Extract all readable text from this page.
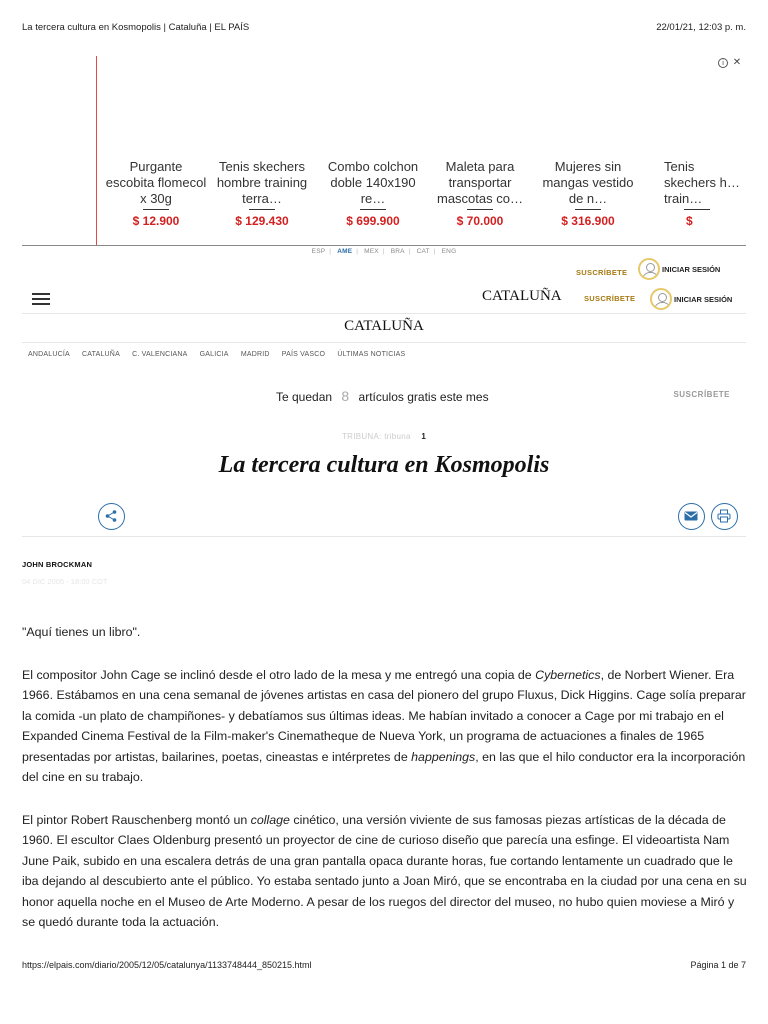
La tercera cultura en Kosmopolis | Cataluña | EL PAÍS	22/01/21, 12:03 p. m.
i ✕
Purgante escobita flomecol x 30g
$ 12.900
Tenis skechers hombre training terra…
$ 129.430
Combo colchon doble 140x190 re…
$ 699.900
Maleta para transportar mascotas co…
$ 70.000
Mujeres sin mangas vestido de n…
$ 316.900
Tenis skechers h… train…
$
ESP | AME | MEX | BRA | CAT | ENG
SUSCRÍBETE	INICIAR SESIÓN
CATALUÑA	SUSCRÍBETE	INICIAR SESIÓN
CATALUÑA
ANDALUCÍA CATALUÑA C. VALENCIANA GALICIA MADRID PAÍS VASCO ÚLTIMAS NOTICIAS
Te quedan 8 artículos gratis este mes	SUSCRÍBETE
TRIBUNA: tribuna 1
La tercera cultura en Kosmopolis
JOHN BROCKMAN
04 DIC 2005 - 18:00 COT

"Aquí tienes un libro".

El compositor John Cage se inclinó desde el otro lado de la mesa y me entregó una copia de Cybernetics, de Norbert Wiener. Era 1966. Estábamos en una cena semanal de jóvenes artistas en casa del pionero del grupo Fluxus, Dick Higgins. Cage solía preparar la comida -un plato de champiñones- y debatíamos sus últimas ideas. Me habían invitado a conocer a Cage por mi trabajo en el Expanded Cinema Festival de la Film-maker's Cinematheque de Nueva York, un programa de actuaciones a finales de 1965 presentadas por artistas, bailarines, poetas, cineastas e intérpretes de happenings, en las que el hilo conductor era la incorporación del cine en su trabajo.

El pintor Robert Rauschenberg montó un collage cinético, una versión viviente de sus famosas piezas artísticas de la década de 1960. El escultor Claes Oldenburg presentó un proyector de cine de curioso diseño que parecía una esfinge. El videoartista Nam June Paik, subido en una escalera detrás de una gran pantalla opaca durante horas, fue cortando lentamente un cuadrado que le iba dejando al descubierto ante el público. Yo estaba sentado junto a Joan Miró, que se encontraba en la ciudad por una cena en su honor aquella noche en el Museo de Arte Moderno. A pesar de los ruegos del director del museo, no hubo quien moviese a Miró y se quedó durante toda la actuación.

https://elpais.com/diario/2005/12/05/catalunya/1133748444_850215.html	Página 1 de 7
